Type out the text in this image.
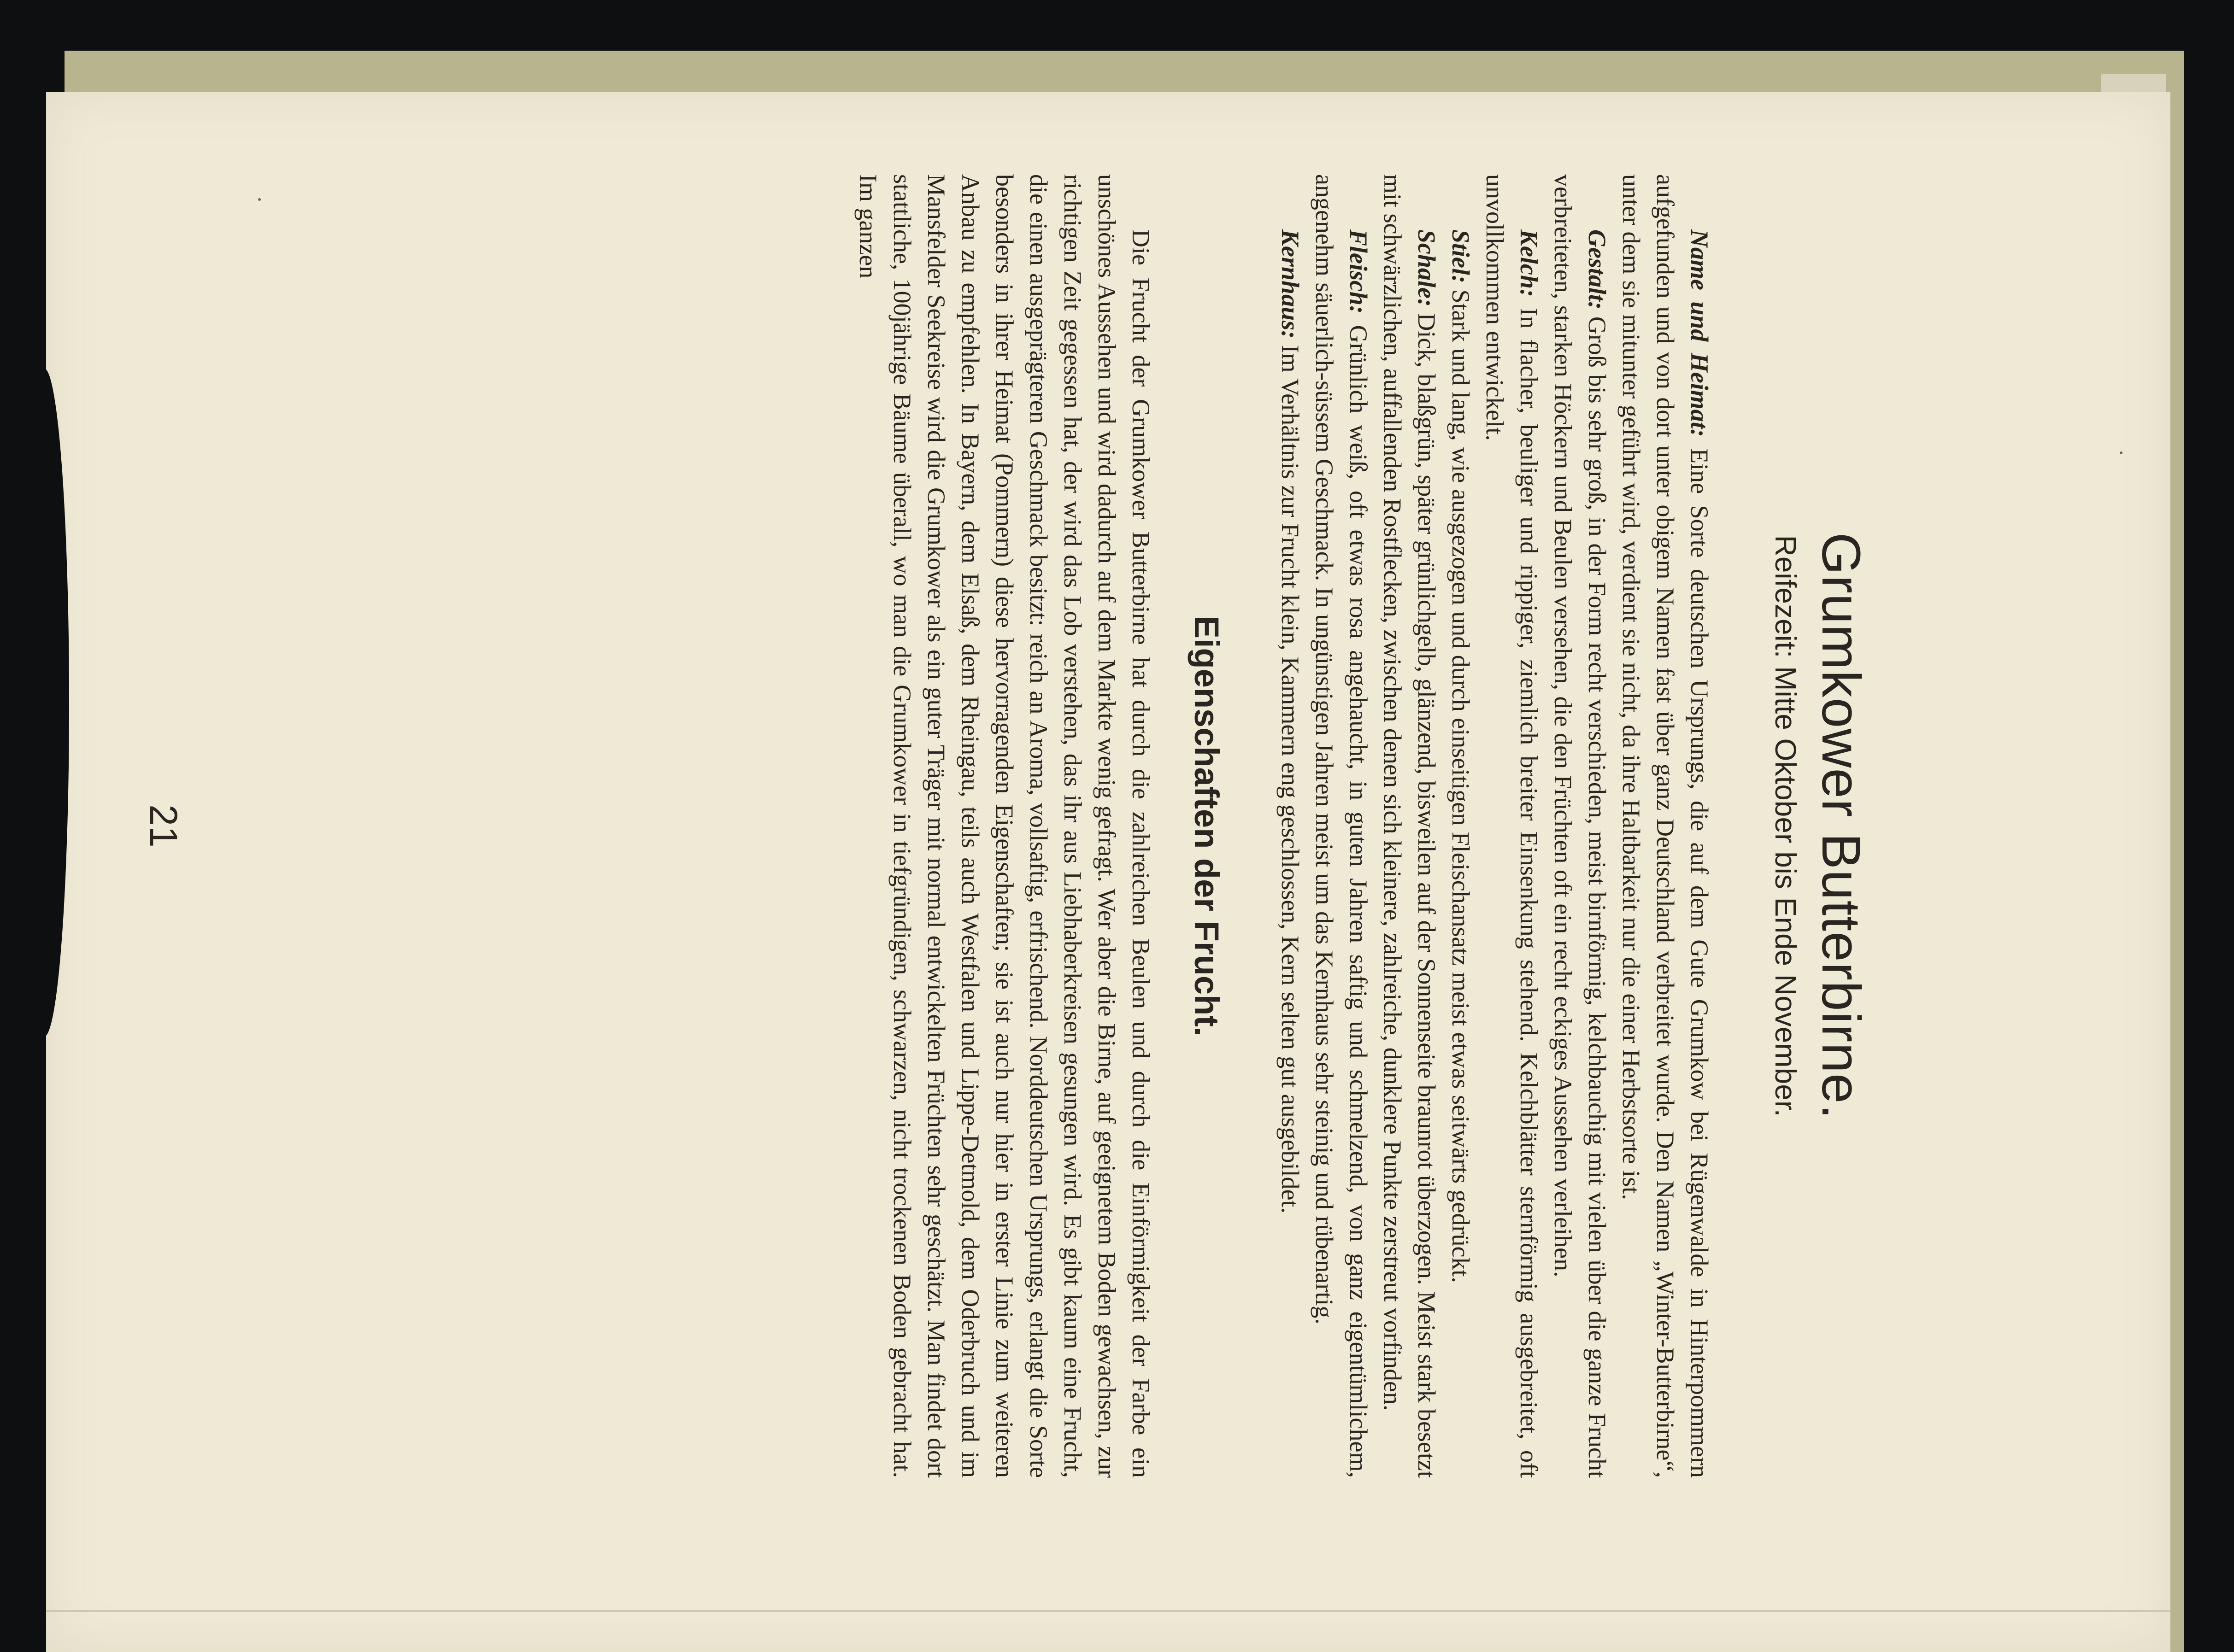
Grumkower Butterbirne.
Reifezeit: Mitte Oktober bis Ende November.

Name und Heimat: Eine Sorte deutschen Ursprungs, die auf dem Gute Grumkow bei Rügenwalde in Hinterpommern aufgefunden und von dort unter obigem Namen fast über ganz Deutschland verbreitet wurde. Den Namen „Winter-Butterbirne“, unter dem sie mitunter geführt wird, verdient sie nicht, da ihre Haltbarkeit nur die einer Herbstsorte ist.

Gestalt: Groß bis sehr groß, in der Form recht verschieden, meist birnförmig, kelchbauchig mit vielen über die ganze Frucht verbreiteten, starken Höckern und Beulen versehen, die den Früchten oft ein recht eckiges Aussehen verleihen.

Kelch: In flacher, beuliger und rippiger, ziemlich breiter Einsenkung stehend. Kelchblätter sternförmig ausgebreitet, oft unvollkommen entwickelt.

Stiel: Stark und lang, wie ausgezogen und durch einseitigen Fleischansatz meist etwas seitwärts gedrückt.

Schale: Dick, blaßgrün, später grünlichgelb, glänzend, bisweilen auf der Sonnenseite braunrot überzogen. Meist stark besetzt mit schwärzlichen, auffallenden Rostflecken, zwischen denen sich kleinere, zahlreiche, dunklere Punkte zerstreut vorfinden.

Fleisch: Grünlich weiß, oft etwas rosa angehaucht, in guten Jahren saftig und schmelzend, von ganz eigentümlichem, angenehm säuerlich-süssem Geschmack. In ungünstigen Jahren meist um das Kernhaus sehr steinig und rübenartig.

Kernhaus: Im Verhältnis zur Frucht klein, Kammern eng geschlossen, Kern selten gut ausgebildet.

Eigenschaften der Frucht.

Die Frucht der Grumkower Butterbirne hat durch die zahlreichen Beulen und durch die Einförmigkeit der Farbe ein unschönes Aussehen und wird dadurch auf dem Markte wenig gefragt. Wer aber die Birne, auf geeignetem Boden gewachsen, zur richtigen Zeit gegessen hat, der wird das Lob verstehen, das ihr aus Liebhaberkreisen gesungen wird. Es gibt kaum eine Frucht, die einen ausgeprägteren Geschmack besitzt: reich an Aroma, vollsaftig, erfrischend. Norddeutschen Ursprungs, erlangt die Sorte besonders in ihrer Heimat (Pommern) diese hervorragenden Eigenschaften; sie ist auch nur hier in erster Linie zum weiteren Anbau zu empfehlen. In Bayern, dem Elsaß, dem Rheingau, teils auch Westfalen und Lippe-Detmold, dem Oderbruch und im Mansfelder Seekreise wird die Grumkower als ein guter Träger mit normal entwickelten Früchten sehr geschätzt. Man findet dort stattliche, 100jährige Bäume überall, wo man die Grumkower in tiefgründigen, schwarzen, nicht trockenen Boden gebracht hat. Im ganzen

21
